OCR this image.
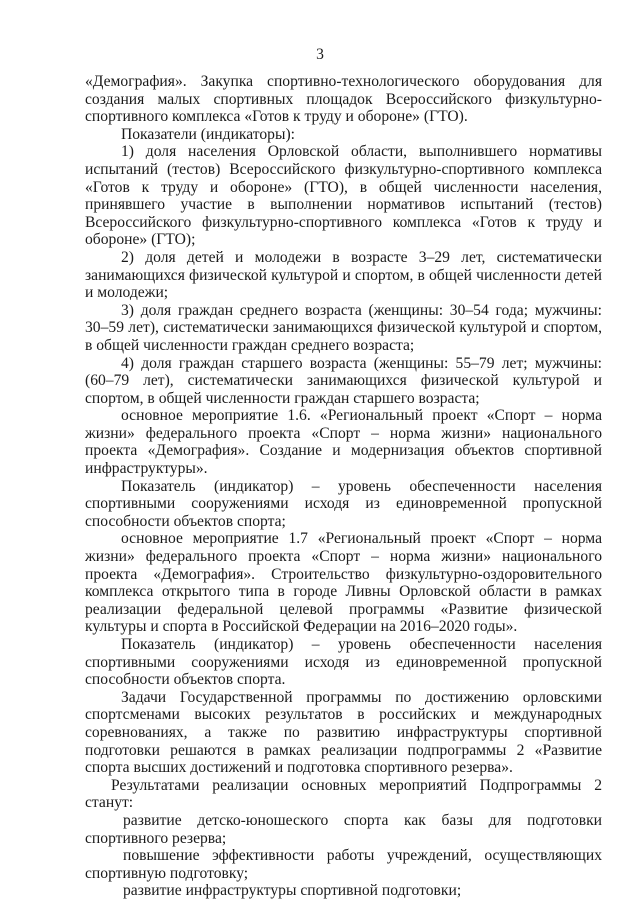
3

«Демография». Закупка спортивно-технологического оборудования для создания малых спортивных площадок Всероссийского физкультурно-спортивного комплекса «Готов к труду и обороне» (ГТО).

Показатели (индикаторы):

1) доля населения Орловской области, выполнившего нормативы испытаний (тестов) Всероссийского физкультурно-спортивного комплекса «Готов к труду и обороне» (ГТО), в общей численности населения, принявшего участие в выполнении нормативов испытаний (тестов) Всероссийского физкультурно-спортивного комплекса «Готов к труду и обороне» (ГТО);

2) доля детей и молодежи в возрасте 3–29 лет, систематически занимающихся физической культурой и спортом, в общей численности детей и молодежи;

3) доля граждан среднего возраста (женщины: 30–54 года; мужчины: 30–59 лет), систематически занимающихся физической культурой и спортом, в общей численности граждан среднего возраста;

4) доля граждан старшего возраста (женщины: 55–79 лет; мужчины: (60–79 лет), систематически занимающихся физической культурой и спортом, в общей численности граждан старшего возраста;

основное мероприятие 1.6. «Региональный проект «Спорт – норма жизни» федерального проекта «Спорт – норма жизни» национального проекта «Демография». Создание и модернизация объектов спортивной инфраструктуры».

Показатель (индикатор) – уровень обеспеченности населения спортивными сооружениями исходя из единовременной пропускной способности объектов спорта;

основное мероприятие 1.7 «Региональный проект «Спорт – норма жизни» федерального проекта «Спорт – норма жизни» национального проекта «Демография». Строительство физкультурно-оздоровительного комплекса открытого типа в городе Ливны Орловской области в рамках реализации федеральной целевой программы «Развитие физической культуры и спорта в Российской Федерации на 2016–2020 годы».

Показатель (индикатор) – уровень обеспеченности населения спортивными сооружениями исходя из единовременной пропускной способности объектов спорта.

Задачи Государственной программы по достижению орловскими спортсменами высоких результатов в российских и международных соревнованиях, а также по развитию инфраструктуры спортивной подготовки решаются в рамках реализации подпрограммы 2 «Развитие спорта высших достижений и подготовка спортивного резерва».

Результатами реализации основных мероприятий Подпрограммы 2 станут:

развитие детско-юношеского спорта как базы для подготовки спортивного резерва;

повышение эффективности работы учреждений, осуществляющих спортивную подготовку;

развитие инфраструктуры спортивной подготовки;
